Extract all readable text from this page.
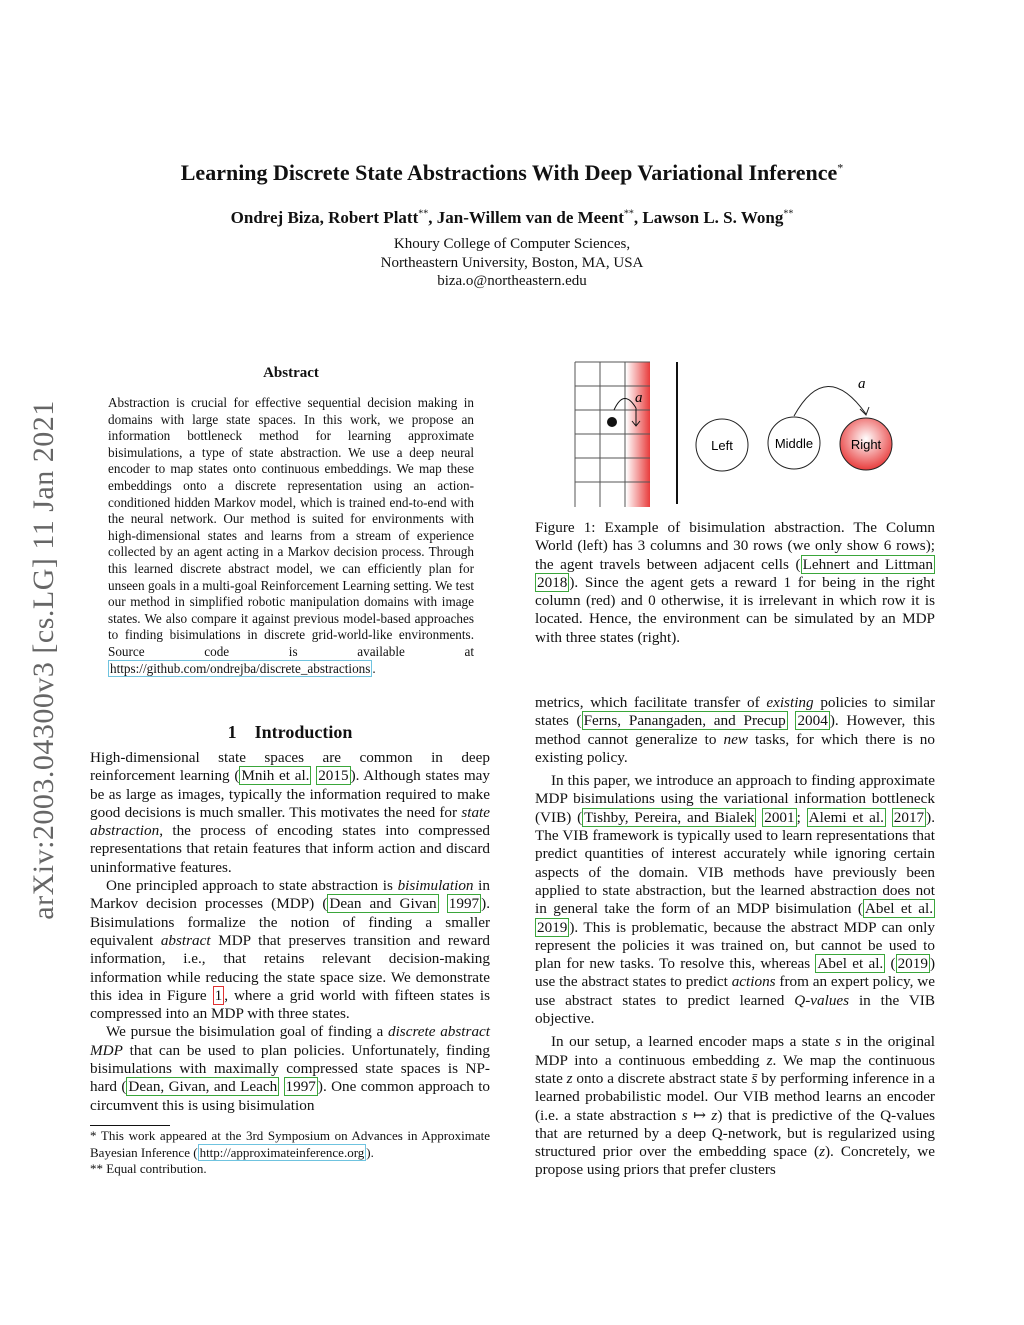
arXiv:2003.04300v3 [cs.LG] 11 Jan 2021
Learning Discrete State Abstractions With Deep Variational Inference*
Ondrej Biza, Robert Platt**, Jan-Willem van de Meent**, Lawson L. S. Wong**
Khoury College of Computer Sciences,
Northeastern University, Boston, MA, USA
biza.o@northeastern.edu
Abstract
Abstraction is crucial for effective sequential decision making in domains with large state spaces. In this work, we propose an information bottleneck method for learning approximate bisimulations, a type of state abstraction. We use a deep neural encoder to map states onto continuous embeddings. We map these embeddings onto a discrete representation using an action-conditioned hidden Markov model, which is trained end-to-end with the neural network. Our method is suited for environments with high-dimensional states and learns from a stream of experience collected by an agent acting in a Markov decision process. Through this learned discrete abstract model, we can efficiently plan for unseen goals in a multi-goal Reinforcement Learning setting. We test our method in simplified robotic manipulation domains with image states. We also compare it against previous model-based approaches to finding bisimulations in discrete grid-world-like environments. Source code is available at https://github.com/ondrejba/discrete_abstractions .
1 Introduction

High-dimensional state spaces are common in deep reinforcement learning ( Mnih et al. 2015 ). Although states may be as large as images, typically the information required to make good decisions is much smaller. This motivates the need for state abstraction, the process of encoding states into compressed representations that retain features that inform action and discard uninformative features.

One principled approach to state abstraction is bisimulation in Markov decision processes (MDP) ( Dean and Givan 1997 ). Bisimulations formalize the notion of finding a smaller equivalent abstract MDP that preserves transition and reward information, i.e., that retains relevant decision-making information while reducing the state space size. We demonstrate this idea in Figure 1 , where a grid world with fifteen states is compressed into an MDP with three states.

We pursue the bisimulation goal of finding a discrete abstract MDP that can be used to plan policies. Unfortunately, finding bisimulations with maximally compressed state spaces is NP-hard ( Dean, Givan, and Leach 1997 ). One common approach to circumvent this is using bisimulation

* This work appeared at the 3rd Symposium on Advances in Approximate Bayesian Inference ( http://approximateinference.org ).
** Equal contribution.
a
Left	Middle	Right
a
Figure 1: Example of bisimulation abstraction. The Column World (left) has 3 columns and 30 rows (we only show 6 rows); the agent travels between adjacent cells ( Lehnert and Littman 2018 ). Since the agent gets a reward 1 for being in the right column (red) and 0 otherwise, it is irrelevant in which row it is located. Hence, the environment can be simulated by an MDP with three states (right).

metrics, which facilitate transfer of existing policies to similar states ( Ferns, Panangaden, and Precup 2004 ). However, this method cannot generalize to new tasks, for which there is no existing policy.

In this paper, we introduce an approach to finding approximate MDP bisimulations using the variational information bottleneck (VIB) ( Tishby, Pereira, and Bialek 2001 ; Alemi et al. 2017 ). The VIB framework is typically used to learn representations that predict quantities of interest accurately while ignoring certain aspects of the domain. VIB methods have previously been applied to state abstraction, but the learned abstraction does not in general take the form of an MDP bisimulation ( Abel et al. 2019 ). This is problematic, because the abstract MDP can only represent the policies it was trained on, but cannot be used to plan for new tasks. To resolve this, whereas Abel et al. ( 2019 ) use the abstract states to predict actions from an expert policy, we use abstract states to predict learned Q-values in the VIB objective.

In our setup, a learned encoder maps a state s in the original MDP into a continuous embedding z. We map the continuous state z onto a discrete abstract state s̄ by performing inference in a learned probabilistic model. Our VIB method learns an encoder (i.e. a state abstraction s ↦ z) that is predictive of the Q-values that are returned by a deep Q-network, but is regularized using structured prior over the embedding space (z). Concretely, we propose using priors that prefer clusters
